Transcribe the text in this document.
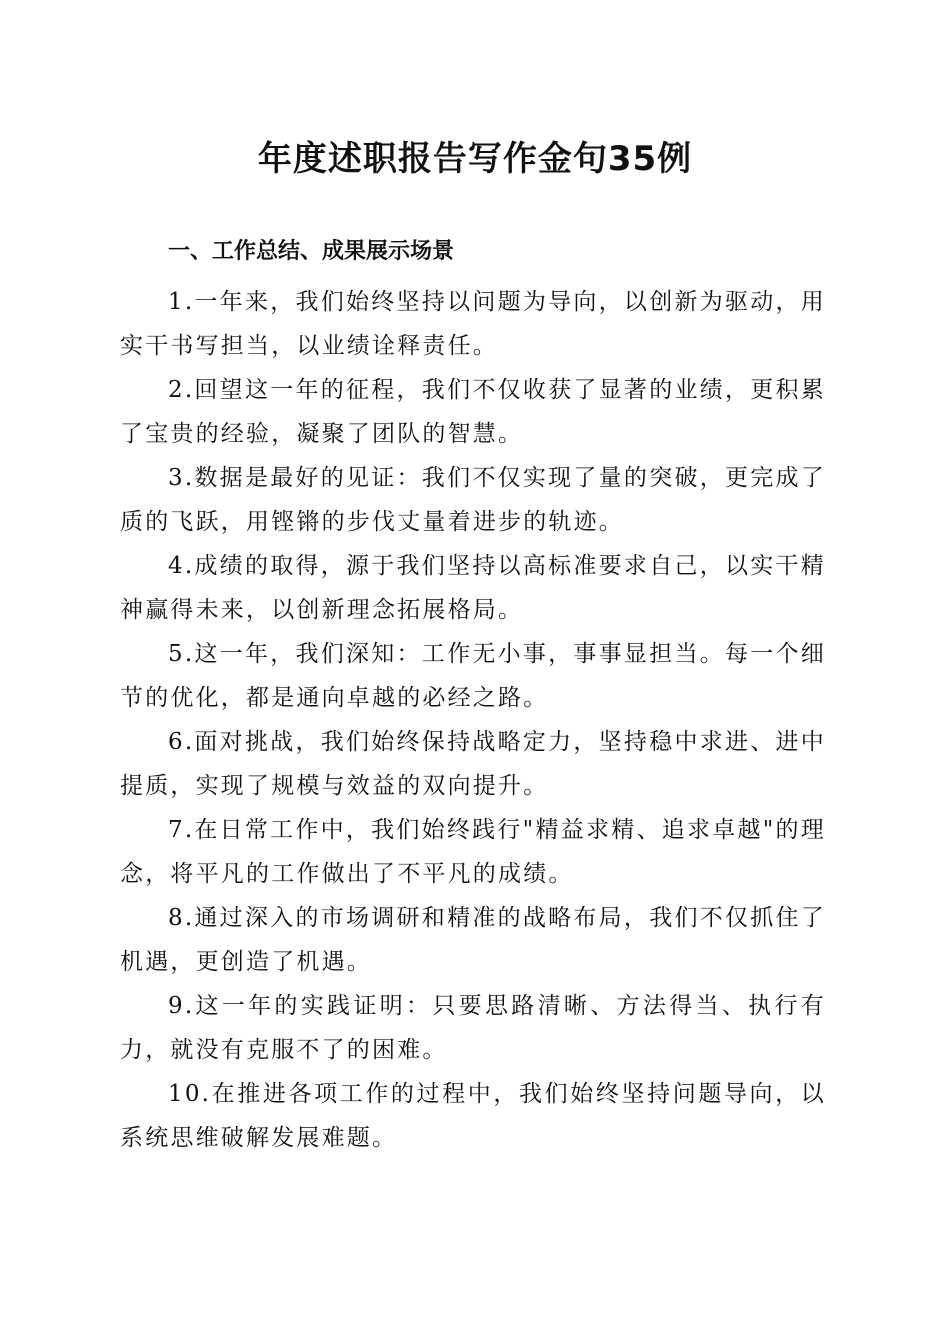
年度述职报告写作金句35例
一、工作总结、成果展示场景
1.一年来，我们始终坚持以问题为导向，以创新为驱动，用实干书写担当，以业绩诠释责任。
2.回望这一年的征程，我们不仅收获了显著的业绩，更积累了宝贵的经验，凝聚了团队的智慧。
3.数据是最好的见证：我们不仅实现了量的突破，更完成了质的飞跃，用铿锵的步伐丈量着进步的轨迹。
4.成绩的取得，源于我们坚持以高标准要求自己，以实干精神赢得未来，以创新理念拓展格局。
5.这一年，我们深知：工作无小事，事事显担当。每一个细节的优化，都是通向卓越的必经之路。
6.面对挑战，我们始终保持战略定力，坚持稳中求进、进中提质，实现了规模与效益的双向提升。
7.在日常工作中，我们始终践行"精益求精、追求卓越"的理念，将平凡的工作做出了不平凡的成绩。
8.通过深入的市场调研和精准的战略布局，我们不仅抓住了机遇，更创造了机遇。
9.这一年的实践证明：只要思路清晰、方法得当、执行有力，就没有克服不了的困难。
10.在推进各项工作的过程中，我们始终坚持问题导向，以系统思维破解发展难题。
